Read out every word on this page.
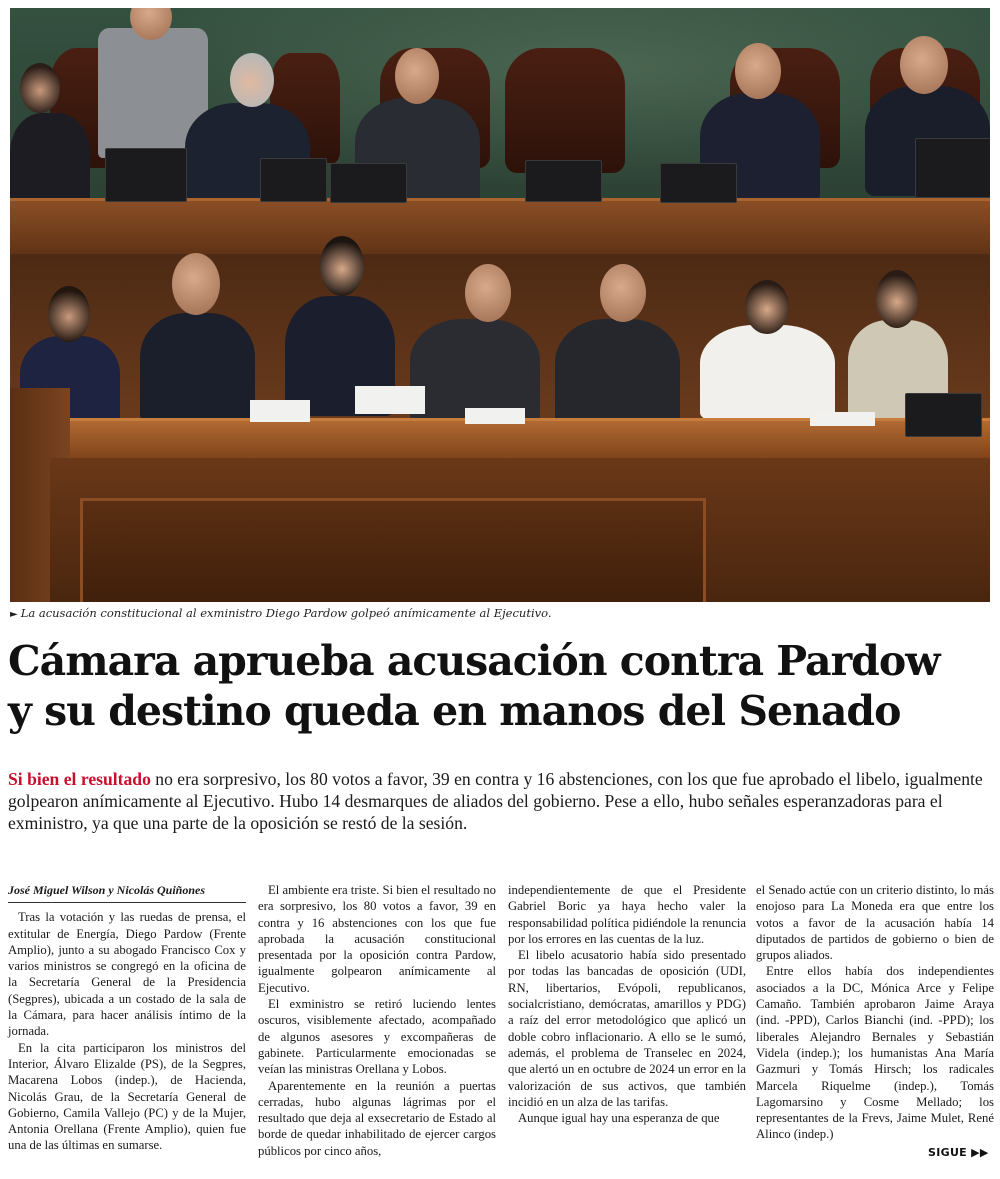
► La acusación constitucional al exministro Diego Pardow golpeó anímicamente al Ejecutivo.
Cámara aprueba acusación contra Pardow
y su destino queda en manos del Senado
Si bien el resultado no era sorpresivo, los 80 votos a favor, 39 en contra y 16 abstenciones, con los que fue aprobado el libelo, igualmente golpearon anímicamente al Ejecutivo. Hubo 14 desmarques de aliados del gobierno. Pese a ello, hubo señales esperanzadoras para el exministro, ya que una parte de la oposición se restó de la sesión.
José Miguel Wilson y Nicolás Quiñones

Tras la votación y las ruedas de prensa, el extitular de Energía, Diego Pardow (Frente Amplio), junto a su abogado Francisco Cox y varios ministros se congregó en la oficina de la Secretaría General de la Presidencia (Segpres), ubicada a un costado de la sala de la Cámara, para hacer análisis íntimo de la jornada.

En la cita participaron los ministros del Interior, Álvaro Elizalde (PS), de la Segpres, Macarena Lobos (indep.), de Hacienda, Nicolás Grau, de la Secretaría General de Gobierno, Camila Vallejo (PC) y de la Mujer, Antonia Orellana (Frente Amplio), quien fue una de las últimas en sumarse.

El ambiente era triste. Si bien el resultado no era sorpresivo, los 80 votos a favor, 39 en contra y 16 abstenciones con los que fue aprobada la acusación constitucional presentada por la oposición contra Pardow, igualmente golpearon anímicamente al Ejecutivo.

El exministro se retiró luciendo lentes oscuros, visiblemente afectado, acompañado de algunos asesores y excompañeras de gabinete. Particularmente emocionadas se veían las ministras Orellana y Lobos.

Aparentemente en la reunión a puertas cerradas, hubo algunas lágrimas por el resultado que deja al exsecretario de Estado al borde de quedar inhabilitado de ejercer cargos públicos por cinco años,

independientemente de que el Presidente Gabriel Boric ya haya hecho valer la responsabilidad política pidiéndole la renuncia por los errores en las cuentas de la luz.

El libelo acusatorio había sido presentado por todas las bancadas de oposición (UDI, RN, libertarios, Evópoli, republicanos, socialcristiano, demócratas, amarillos y PDG) a raíz del error metodológico que aplicó un doble cobro inflacionario. A ello se le sumó, además, el problema de Transelec en 2024, que alertó un en octubre de 2024 un error en la valorización de sus activos, que también incidió en un alza de las tarifas.

Aunque igual hay una esperanza de que

el Senado actúe con un criterio distinto, lo más enojoso para La Moneda era que entre los votos a favor de la acusación había 14 diputados de partidos de gobierno o bien de grupos aliados.

Entre ellos había dos independientes asociados a la DC, Mónica Arce y Felipe Camaño. También aprobaron Jaime Araya (ind. -PPD), Carlos Bianchi (ind. -PPD); los liberales Alejandro Bernales y Sebastián Videla (indep.); los humanistas Ana María Gazmuri y Tomás Hirsch; los radicales Marcela Riquelme (indep.), Tomás Lagomarsino y Cosme Mellado; los representantes de la Frevs, Jaime Mulet, René Alinco (indep.)

SIGUE ▶▶
